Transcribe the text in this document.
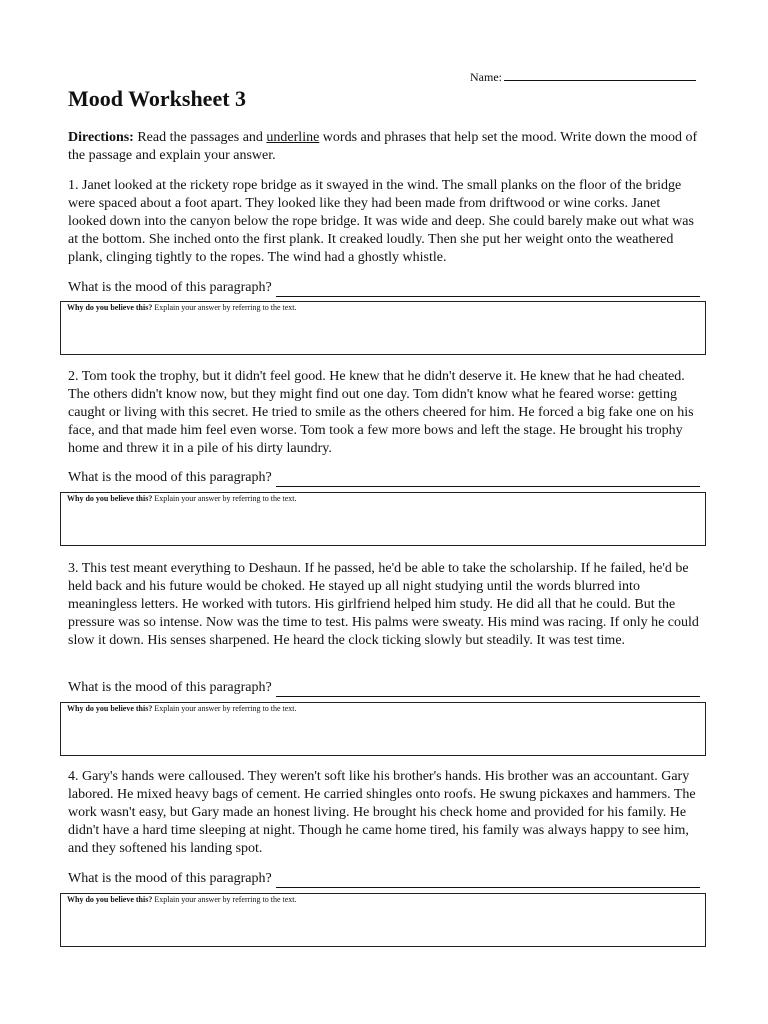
Name:
Mood Worksheet 3

Directions: Read the passages and underline words and phrases that help set the mood. Write down the mood of the passage and explain your answer.

1. Janet looked at the rickety rope bridge as it swayed in the wind. The small planks on the floor of the bridge were spaced about a foot apart. They looked like they had been made from driftwood or wine corks. Janet looked down into the canyon below the rope bridge. It was wide and deep. She could barely make out what was at the bottom. She inched onto the first plank. It creaked loudly. Then she put her weight onto the weathered plank, clinging tightly to the ropes. The wind had a ghostly whistle.

What is the mood of this paragraph?
Why do you believe this? Explain your answer by referring to the text.

2. Tom took the trophy, but it didn't feel good. He knew that he didn't deserve it. He knew that he had cheated. The others didn't know now, but they might find out one day. Tom didn't know what he feared worse: getting caught or living with this secret. He tried to smile as the others cheered for him. He forced a big fake one on his face, and that made him feel even worse. Tom took a few more bows and left the stage. He brought his trophy home and threw it in a pile of his dirty laundry.

What is the mood of this paragraph?
Why do you believe this? Explain your answer by referring to the text.

3. This test meant everything to Deshaun. If he passed, he'd be able to take the scholarship. If he failed, he'd be held back and his future would be choked. He stayed up all night studying until the words blurred into meaningless letters. He worked with tutors. His girlfriend helped him study. He did all that he could. But the pressure was so intense. Now was the time to test. His palms were sweaty. His mind was racing. If only he could slow it down. His senses sharpened. He heard the clock ticking slowly but steadily. It was test time.

What is the mood of this paragraph?
Why do you believe this? Explain your answer by referring to the text.

4. Gary's hands were calloused. They weren't soft like his brother's hands. His brother was an accountant. Gary labored. He mixed heavy bags of cement. He carried shingles onto roofs. He swung pickaxes and hammers. The work wasn't easy, but Gary made an honest living. He brought his check home and provided for his family. He didn't have a hard time sleeping at night. Though he came home tired, his family was always happy to see him, and they softened his landing spot.

What is the mood of this paragraph?
Why do you believe this? Explain your answer by referring to the text.
